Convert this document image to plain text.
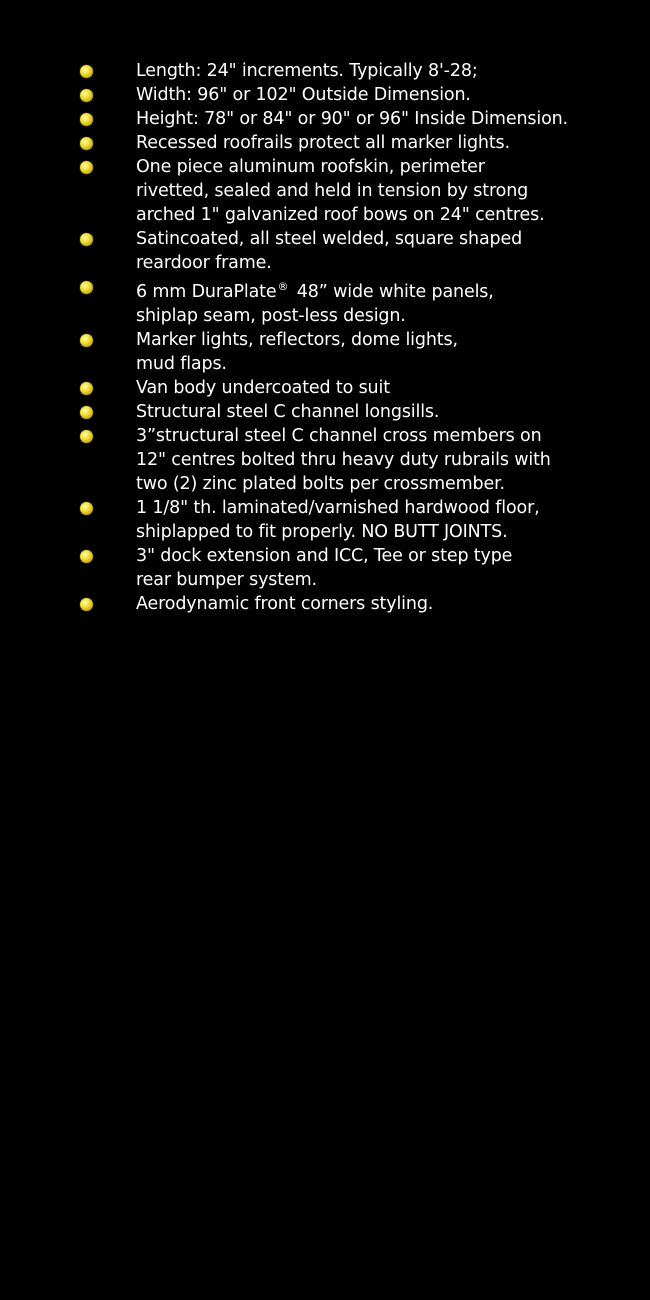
Length: 24" increments. Typically 8'-28;
Width: 96" or 102" Outside Dimension.
Height: 78" or 84" or 90" or 96" Inside Dimension.
Recessed roofrails protect all marker lights.
One piece aluminum roofskin, perimeter
rivetted, sealed and held in tension by strong
arched 1" galvanized roof bows on 24" centres.
Satincoated, all steel welded, square shaped
reardoor frame.
6 mm DuraPlate® 48” wide white panels,
shiplap seam, post-less design.
Marker lights, reflectors, dome lights,
mud flaps.
Van body undercoated to suit
Structural steel C channel longsills.
3”structural steel C channel cross members on
12" centres bolted thru heavy duty rubrails with
two (2) zinc plated bolts per crossmember.
1 1/8" th. laminated/varnished hardwood floor,
shiplapped to fit properly. NO BUTT JOINTS.
3" dock extension and ICC, Tee or step type
rear bumper system.
Aerodynamic front corners styling.
